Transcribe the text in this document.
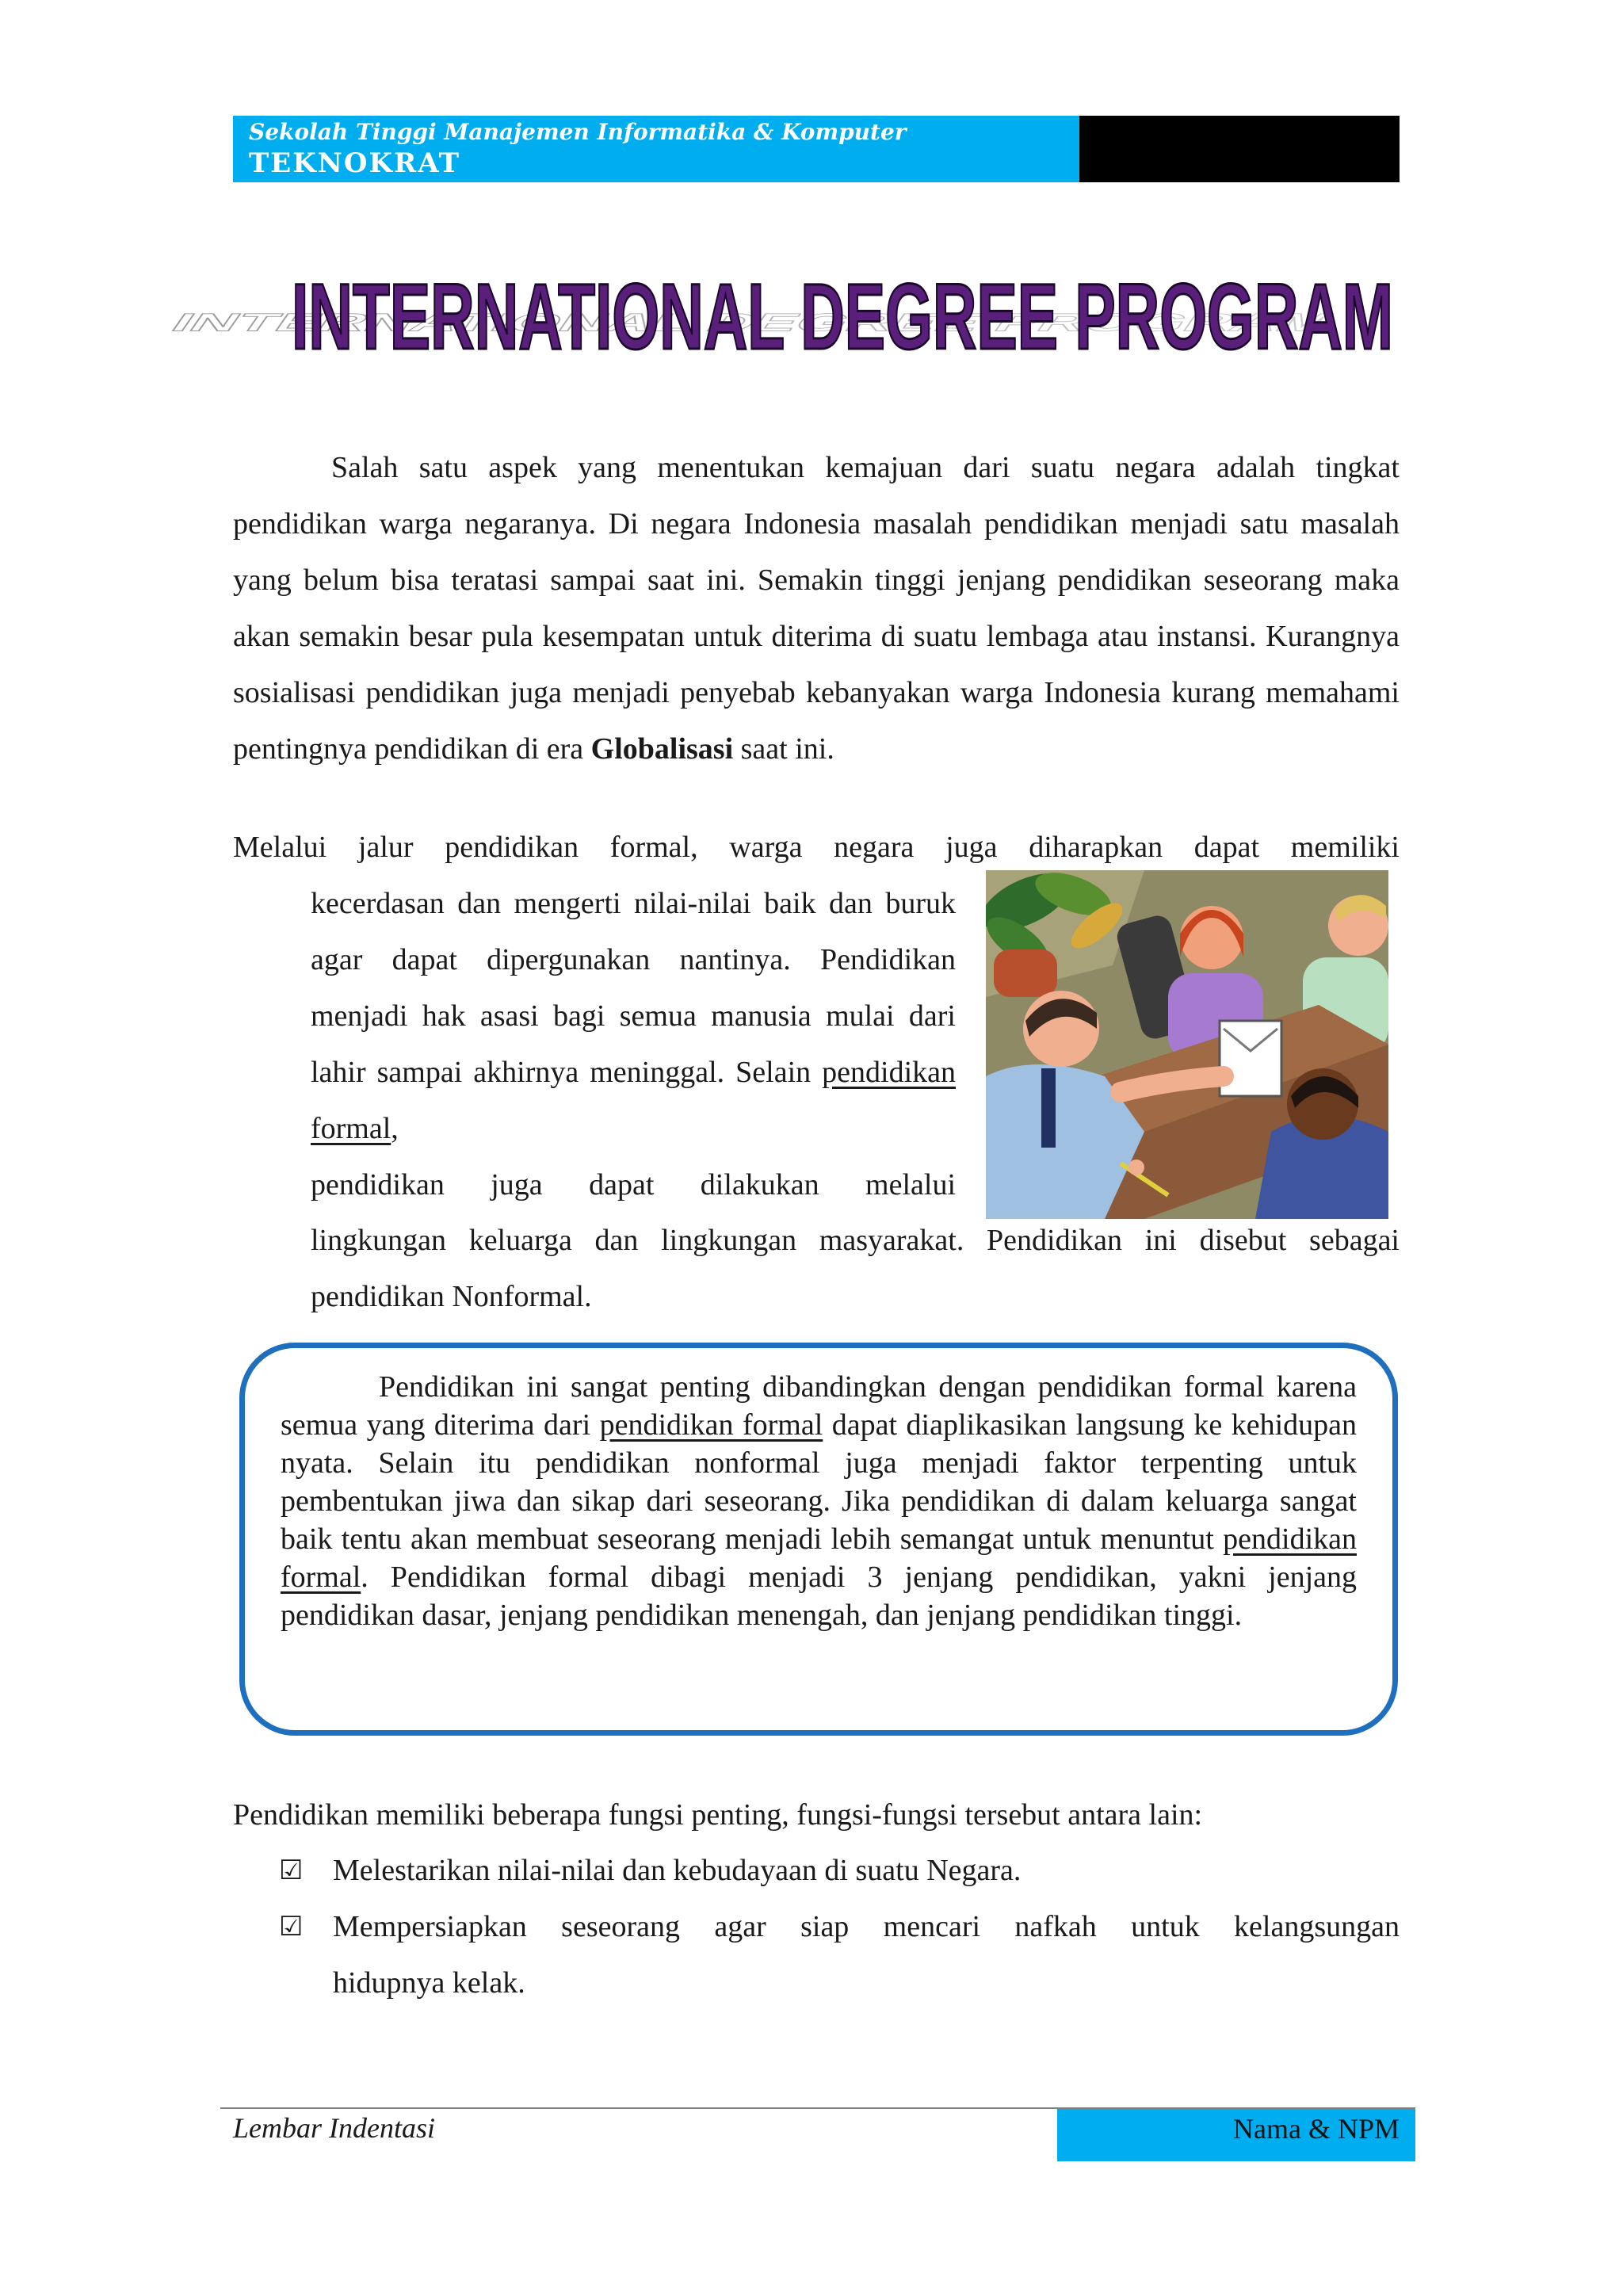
Sekolah Tinggi Manajemen Informatika & Komputer
TEKNOKRAT
INTERNATIONAL DEGREE PROGRAM
INTERNATIONAL DEGREE PROGRAM
Salah satu aspek yang menentukan kemajuan dari suatu negara adalah tingkat pendidikan warga negaranya. Di negara Indonesia masalah pendidikan menjadi satu masalah yang belum bisa teratasi sampai saat ini. Semakin tinggi jenjang pendidikan seseorang maka akan semakin besar pula kesempatan untuk diterima di suatu lembaga atau instansi. Kurangnya sosialisasi pendidikan juga menjadi penyebab kebanyakan warga Indonesia kurang memahami pentingnya pendidikan di era Globalisasi saat ini.
Melalui jalur pendidikan formal, warga negara juga diharapkan dapat memiliki
kecerdasan dan mengerti nilai-nilai baik dan buruk agar dapat dipergunakan nantinya. Pendidikan menjadi hak asasi bagi semua manusia mulai dari lahir sampai akhirnya meninggal. Selain pendidikan formal,
pendidikan juga dapat dilakukan melalui
lingkungan keluarga dan lingkungan masyarakat. Pendidikan ini disebut sebagai pendidikan Nonformal.
Pendidikan ini sangat penting dibandingkan dengan pendidikan formal karena semua yang diterima dari pendidikan formal dapat diaplikasikan langsung ke kehidupan nyata. Selain itu pendidikan nonformal juga menjadi faktor terpenting untuk pembentukan jiwa dan sikap dari seseorang. Jika pendidikan di dalam keluarga sangat baik tentu akan membuat seseorang menjadi lebih semangat untuk menuntut pendidikan formal. Pendidikan formal dibagi menjadi 3 jenjang pendidikan, yakni jenjang pendidikan dasar, jenjang pendidikan menengah, dan jenjang pendidikan tinggi.
Pendidikan memiliki beberapa fungsi penting, fungsi-fungsi tersebut antara lain:
☑ Melestarikan nilai-nilai dan kebudayaan di suatu Negara.
☑ Mempersiapkan seseorang agar siap mencari nafkah untuk kelangsungan
hidupnya kelak.
Lembar Indentasi	Nama & NPM
